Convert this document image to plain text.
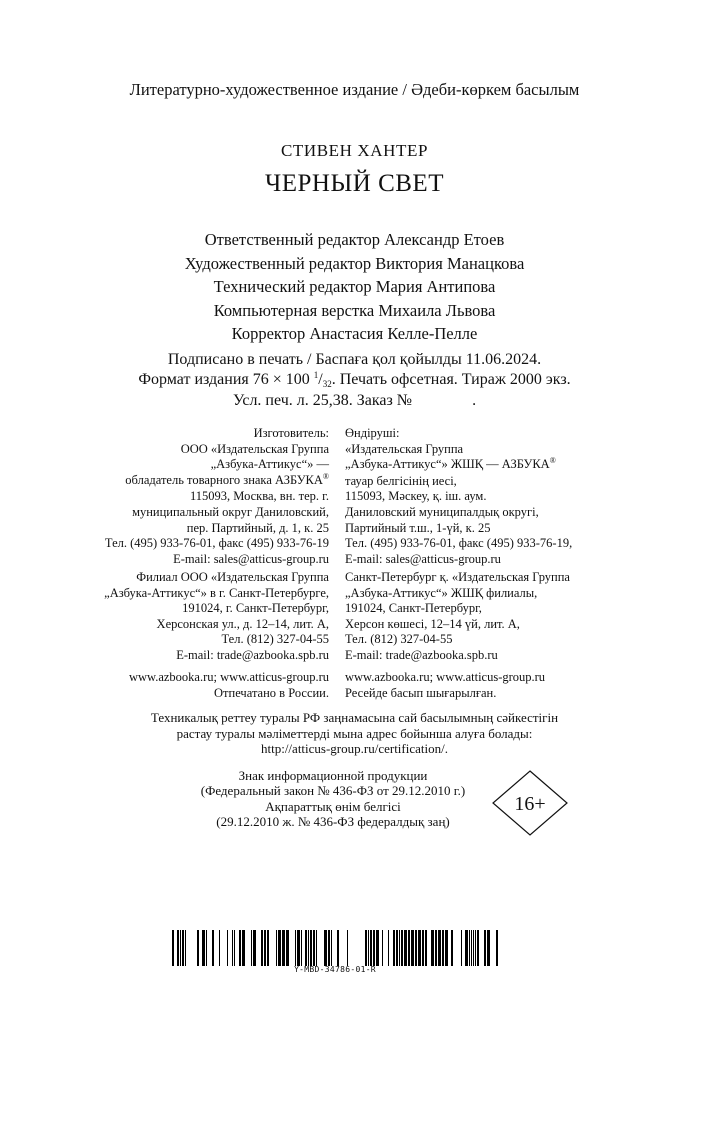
Литературно-художественное издание / Әдеби-көркем басылым
СТИВЕН ХАНТЕР
ЧЕРНЫЙ СВЕТ
Ответственный редактор Александр Етоев
Художественный редактор Виктория Манацкова
Технический редактор Мария Антипова
Компьютерная верстка Михаила Львова
Корректор Анастасия Келле-Пелле
Подписано в печать / Баспаға қол қойылды 11.06.2024.
Формат издания 76 × 100 $^1$/32. Печать офсетная. Тираж 2000 экз.
Усл. печ. л. 25,38. Заказ №	.
Изготовитель:
ООО «Издательская Группа
„Азбука-Аттикус“» —
обладатель товарного знака АЗБУКА®
115093, Москва, вн. тер. г.
муниципальный округ Даниловский,
пер. Партийный, д. 1, к. 25
Тел. (495) 933-76-01, факс (495) 933-76-19
E-mail: sales@atticus-group.ru
Өндіруші:
«Издательская Группа
„Азбука-Аттикус“» ЖШҚ — АЗБУКА®
тауар белгісінің иесі,
115093, Мәскеу, қ. іш. аум.
Даниловский муниципалдық округі,
Партийный т.ш., 1-үй, к. 25
Тел. (495) 933-76-01, факс (495) 933-76-19,
E-mail: sales@atticus-group.ru
Филиал ООО «Издательская Группа
„Азбука-Аттикус“» в г. Санкт-Петербурге,
191024, г. Санкт-Петербург,
Херсонская ул., д. 12–14, лит. А,
Тел. (812) 327-04-55
E-mail: trade@azbooka.spb.ru
Санкт-Петербург қ. «Издательская Группа
„Азбука-Аттикус“» ЖШҚ филиалы,
191024, Санкт-Петербург,
Херсон көшесі, 12–14 үй, лит. А,
Тел. (812) 327-04-55
E-mail: trade@azbooka.spb.ru
www.azbooka.ru; www.atticus-group.ru
Отпечатано в России.
www.azbooka.ru; www.atticus-group.ru
Ресейде басып шығарылған.
Техникалық реттеу туралы РФ заңнамасына сай басылымның сәйкестігін
растау туралы мәліметтерді мына адрес бойынша алуға болады:
http://atticus-group.ru/certification/.
Знак информационной продукции
(Федеральный закон № 436-ФЗ от 29.12.2010 г.)
Ақпараттық өнім белгісі
(29.12.2010 ж. № 436-ФЗ федералдық заң)
16+
Y-MBD-34786-01-R
